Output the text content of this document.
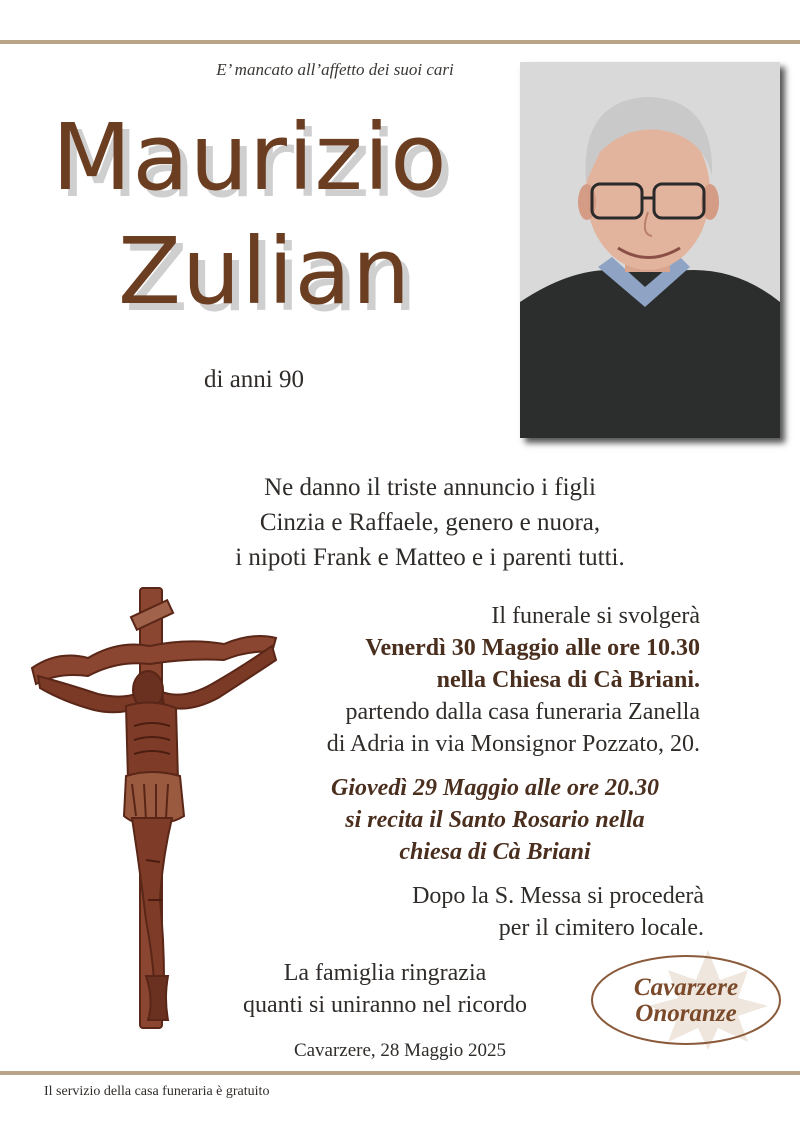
E’ mancato all’affetto dei suoi cari
Maurizio
Zulian
di anni 90
Ne danno il triste annuncio i figli
Cinzia e Raffaele, genero e nuora,
i nipoti Frank e Matteo e i parenti tutti.
Il funerale si svolgerà
Venerdì 30 Maggio alle ore 10.30
nella Chiesa di Cà Briani.
partendo dalla casa funeraria Zanella
di Adria in via Monsignor Pozzato, 20.
Giovedì 29 Maggio alle ore 20.30
si recita il Santo Rosario nella
chiesa di Cà Briani
Dopo la S. Messa si procederà
per il cimitero locale.
La famiglia ringrazia
quanti si uniranno nel ricordo
Cavarzere
Onoranze
Cavarzere, 28 Maggio 2025
Il servizio della casa funeraria è gratuito
